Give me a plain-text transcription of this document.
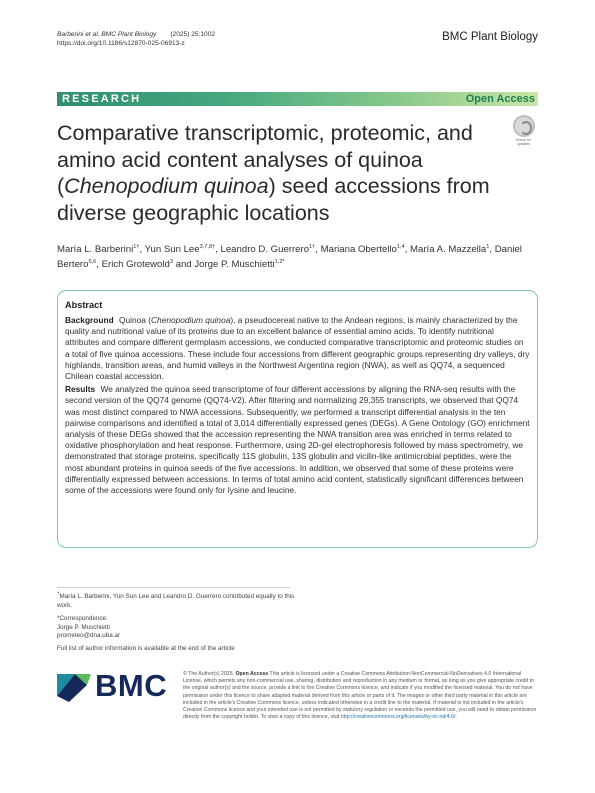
Barberini et al. BMC Plant Biology (2025) 25:1002
https://doi.org/10.1186/s12870-025-06913-z
BMC Plant Biology
RESEARCH	Open Access
Check for updates
Comparative transcriptomic, proteomic, and amino acid content analyses of quinoa (Chenopodium quinoa) seed accessions from diverse geographic locations
María L. Barberini$^{1\dagger}$, Yun Sun Lee$^{3,7,8\dagger}$, Leandro D. Guerrero$^{1\dagger}$, Mariana Obertello$^{1,4}$, María A. Mazzella$^1$, Daniel Bertero$^{5,6}$, Erich Grotewold$^3$ and Jorge P. Muschietti$^{1,2*}$
Abstract

Background Quinoa (Chenopodium quinoa), a pseudocereal native to the Andean regions, is mainly characterized by the quality and nutritional value of its proteins due to an excellent balance of essential amino acids. To identify nutritional attributes and compare different germplasm accessions, we conducted comparative transcriptomic and proteomic studies on a total of five quinoa accessions. These include four accessions from different geographic groups representing dry valleys, dry highlands, transition areas, and humid valleys in the Northwest Argentina region (NWA), as well as QQ74, a sequenced Chilean coastal accession.

Results We analyzed the quinoa seed transcriptome of four different accessions by aligning the RNA-seq results with the second version of the QQ74 genome (QQ74-V2). After filtering and normalizing 29,355 transcripts, we observed that QQ74 was most distinct compared to NWA accessions. Subsequently, we performed a transcript differential analysis in the ten pairwise comparisons and identified a total of 3,014 differentially expressed genes (DEGs). A Gene Ontology (GO) enrichment analysis of these DEGs showed that the accession representing the NWA transition area was enriched in terms related to oxidative phosphorylation and heat response. Furthermore, using 2D-gel electrophoresis followed by mass spectrometry, we demonstrated that storage proteins, specifically 11S globulin, 13S globulin and vicilin-like antimicrobial peptides, were the most abundant proteins in quinoa seeds of the five accessions. In addition, we observed that some of these proteins were differentially expressed between accessions. In terms of total amino acid content, statistically significant differences between some of the accessions were found only for lysine and leucine.

†María L. Barberini, Yun Sun Lee and Leandro D. Guerrero contributed equally to this work.
*Correspondence:
Jorge P. Muschietti
prometeo@dna.uba.ar
Full list of author information is available at the end of the article
BMC	© The Author(s) 2025. Open Access This article is licensed under a Creative Commons Attribution-NonCommercial-NoDerivatives 4.0 International License, which permits any non-commercial use, sharing, distribution and reproduction in any medium or format, as long as you give appropriate credit to the original author(s) and the source, provide a link to the Creative Commons licence, and indicate if you modified the licensed material. You do not have permission under this licence to share adapted material derived from this article or parts of it. The images or other third party material in this article are included in the article's Creative Commons licence, unless indicated otherwise in a credit line to the material. If material is not included in the article's Creative Commons licence and your intended use is not permitted by statutory regulation or exceeds the permitted use, you will need to obtain permission directly from the copyright holder. To view a copy of this licence, visit http://creativecommons.org/licenses/by-nc-nd/4.0/.
